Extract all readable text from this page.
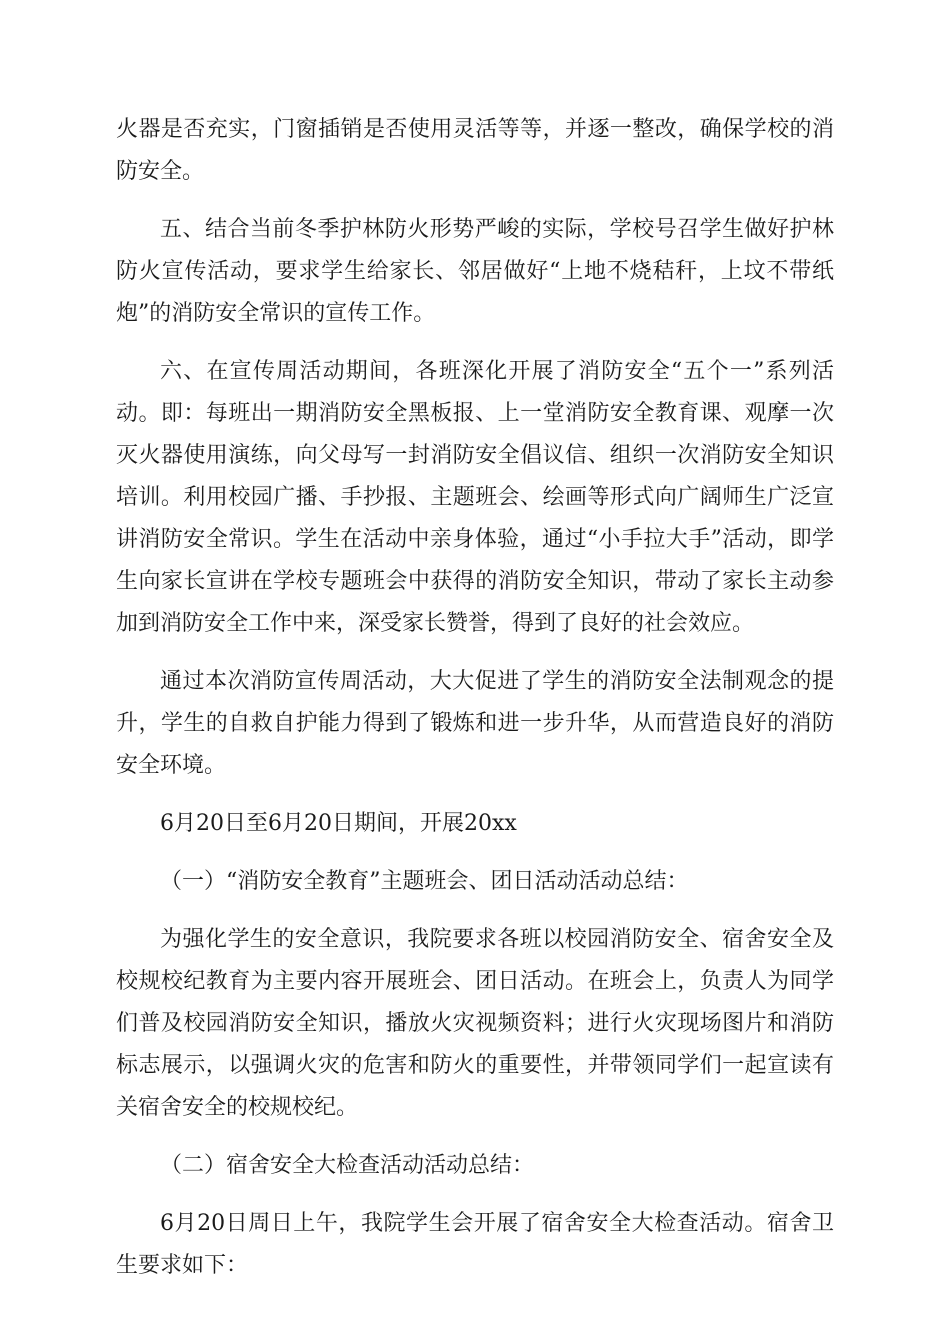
火器是否充实，门窗插销是否使用灵活等等，并逐一整改，确保学校的消防安全。

五、结合当前冬季护林防火形势严峻的实际，学校号召学生做好护林防火宣传活动，要求学生给家长、邻居做好“上地不烧秸秆，上坟不带纸炮”的消防安全常识的宣传工作。

六、在宣传周活动期间，各班深化开展了消防安全“五个一”系列活动。即：每班出一期消防安全黑板报、上一堂消防安全教育课、观摩一次灭火器使用演练，向父母写一封消防安全倡议信、组织一次消防安全知识培训。利用校园广播、手抄报、主题班会、绘画等形式向广阔师生广泛宣讲消防安全常识。学生在活动中亲身体验，通过“小手拉大手”活动，即学生向家长宣讲在学校专题班会中获得的消防安全知识，带动了家长主动参加到消防安全工作中来，深受家长赞誉，得到了良好的社会效应。

通过本次消防宣传周活动，大大促进了学生的消防安全法制观念的提升，学生的自救自护能力得到了锻炼和进一步升华，从而营造良好的消防安全环境。

6月20日至6月20日期间，开展20xx

（一）“消防安全教育”主题班会、团日活动活动总结：

为强化学生的安全意识，我院要求各班以校园消防安全、宿舍安全及校规校纪教育为主要内容开展班会、团日活动。在班会上，负责人为同学们普及校园消防安全知识，播放火灾视频资料；进行火灾现场图片和消防标志展示，以强调火灾的危害和防火的重要性，并带领同学们一起宣读有关宿舍安全的校规校纪。

（二）宿舍安全大检查活动活动总结：

6月20日周日上午，我院学生会开展了宿舍安全大检查活动。宿舍卫生要求如下：
